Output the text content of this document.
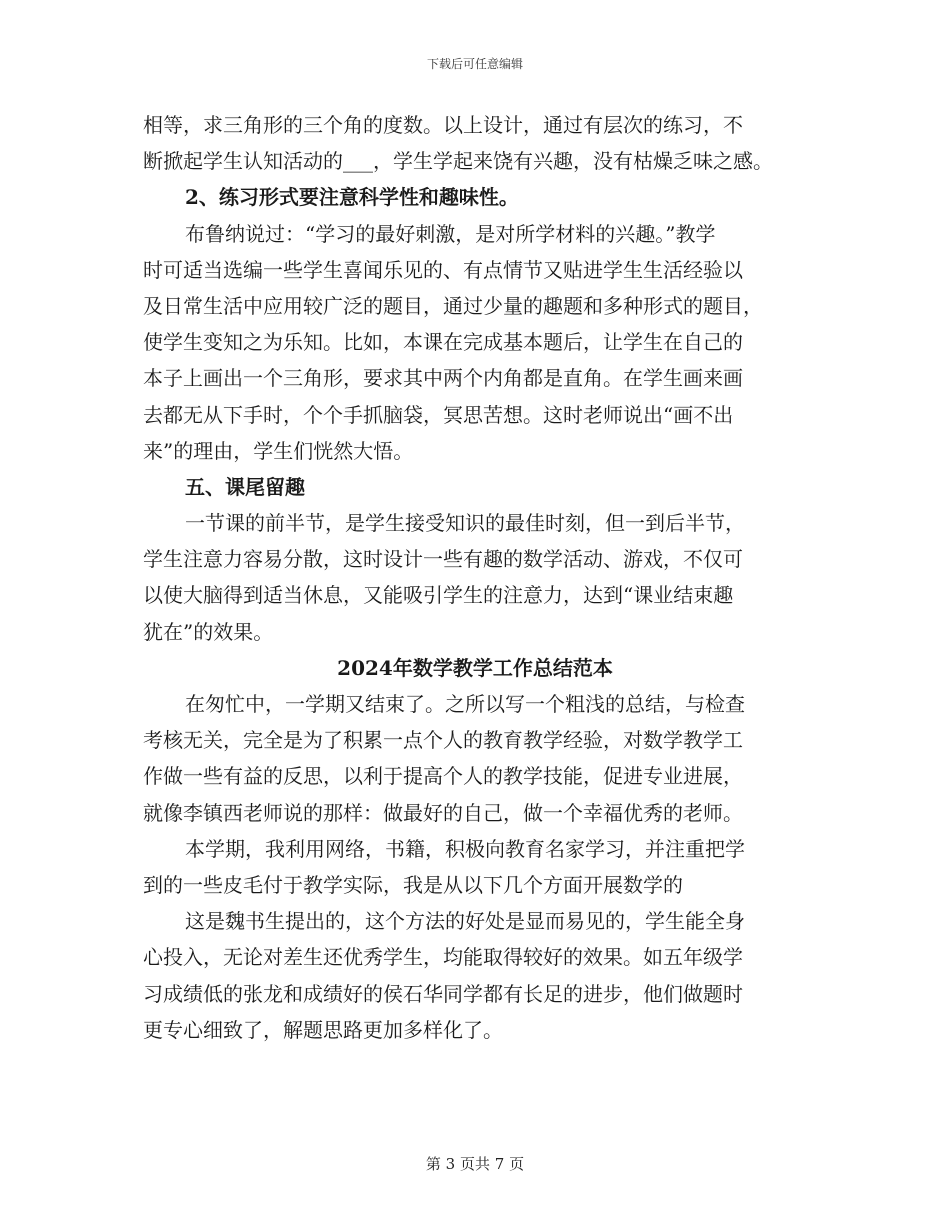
下载后可任意编辑
相等，求三角形的三个角的度数。以上设计，通过有层次的练习，不
断掀起学生认知活动的___，学生学起来饶有兴趣，没有枯燥乏味之感。
2、练习形式要注意科学性和趣味性。
布鲁纳说过：“学习的最好刺激，是对所学材料的兴趣。”教学
时可适当选编一些学生喜闻乐见的、有点情节又贴进学生生活经验以
及日常生活中应用较广泛的题目，通过少量的趣题和多种形式的题目，
使学生变知之为乐知。比如，本课在完成基本题后，让学生在自己的
本子上画出一个三角形，要求其中两个内角都是直角。在学生画来画
去都无从下手时，个个手抓脑袋，冥思苦想。这时老师说出“画不出
来”的理由，学生们恍然大悟。
五、课尾留趣
一节课的前半节，是学生接受知识的最佳时刻，但一到后半节，
学生注意力容易分散，这时设计一些有趣的数学活动、游戏，不仅可
以使大脑得到适当休息，又能吸引学生的注意力，达到“课业结束趣
犹在”的效果。
2024年数学教学工作总结范本
在匆忙中，一学期又结束了。之所以写一个粗浅的总结，与检查
考核无关，完全是为了积累一点个人的教育教学经验，对数学教学工
作做一些有益的反思，以利于提高个人的教学技能，促进专业进展，
就像李镇西老师说的那样：做最好的自己，做一个幸福优秀的老师。
本学期，我利用网络，书籍，积极向教育名家学习，并注重把学
到的一些皮毛付于教学实际，我是从以下几个方面开展数学的
这是魏书生提出的，这个方法的好处是显而易见的，学生能全身
心投入，无论对差生还优秀学生，均能取得较好的效果。如五年级学
习成绩低的张龙和成绩好的侯石华同学都有长足的进步，他们做题时
更专心细致了，解题思路更加多样化了。
第 3 页共 7 页
